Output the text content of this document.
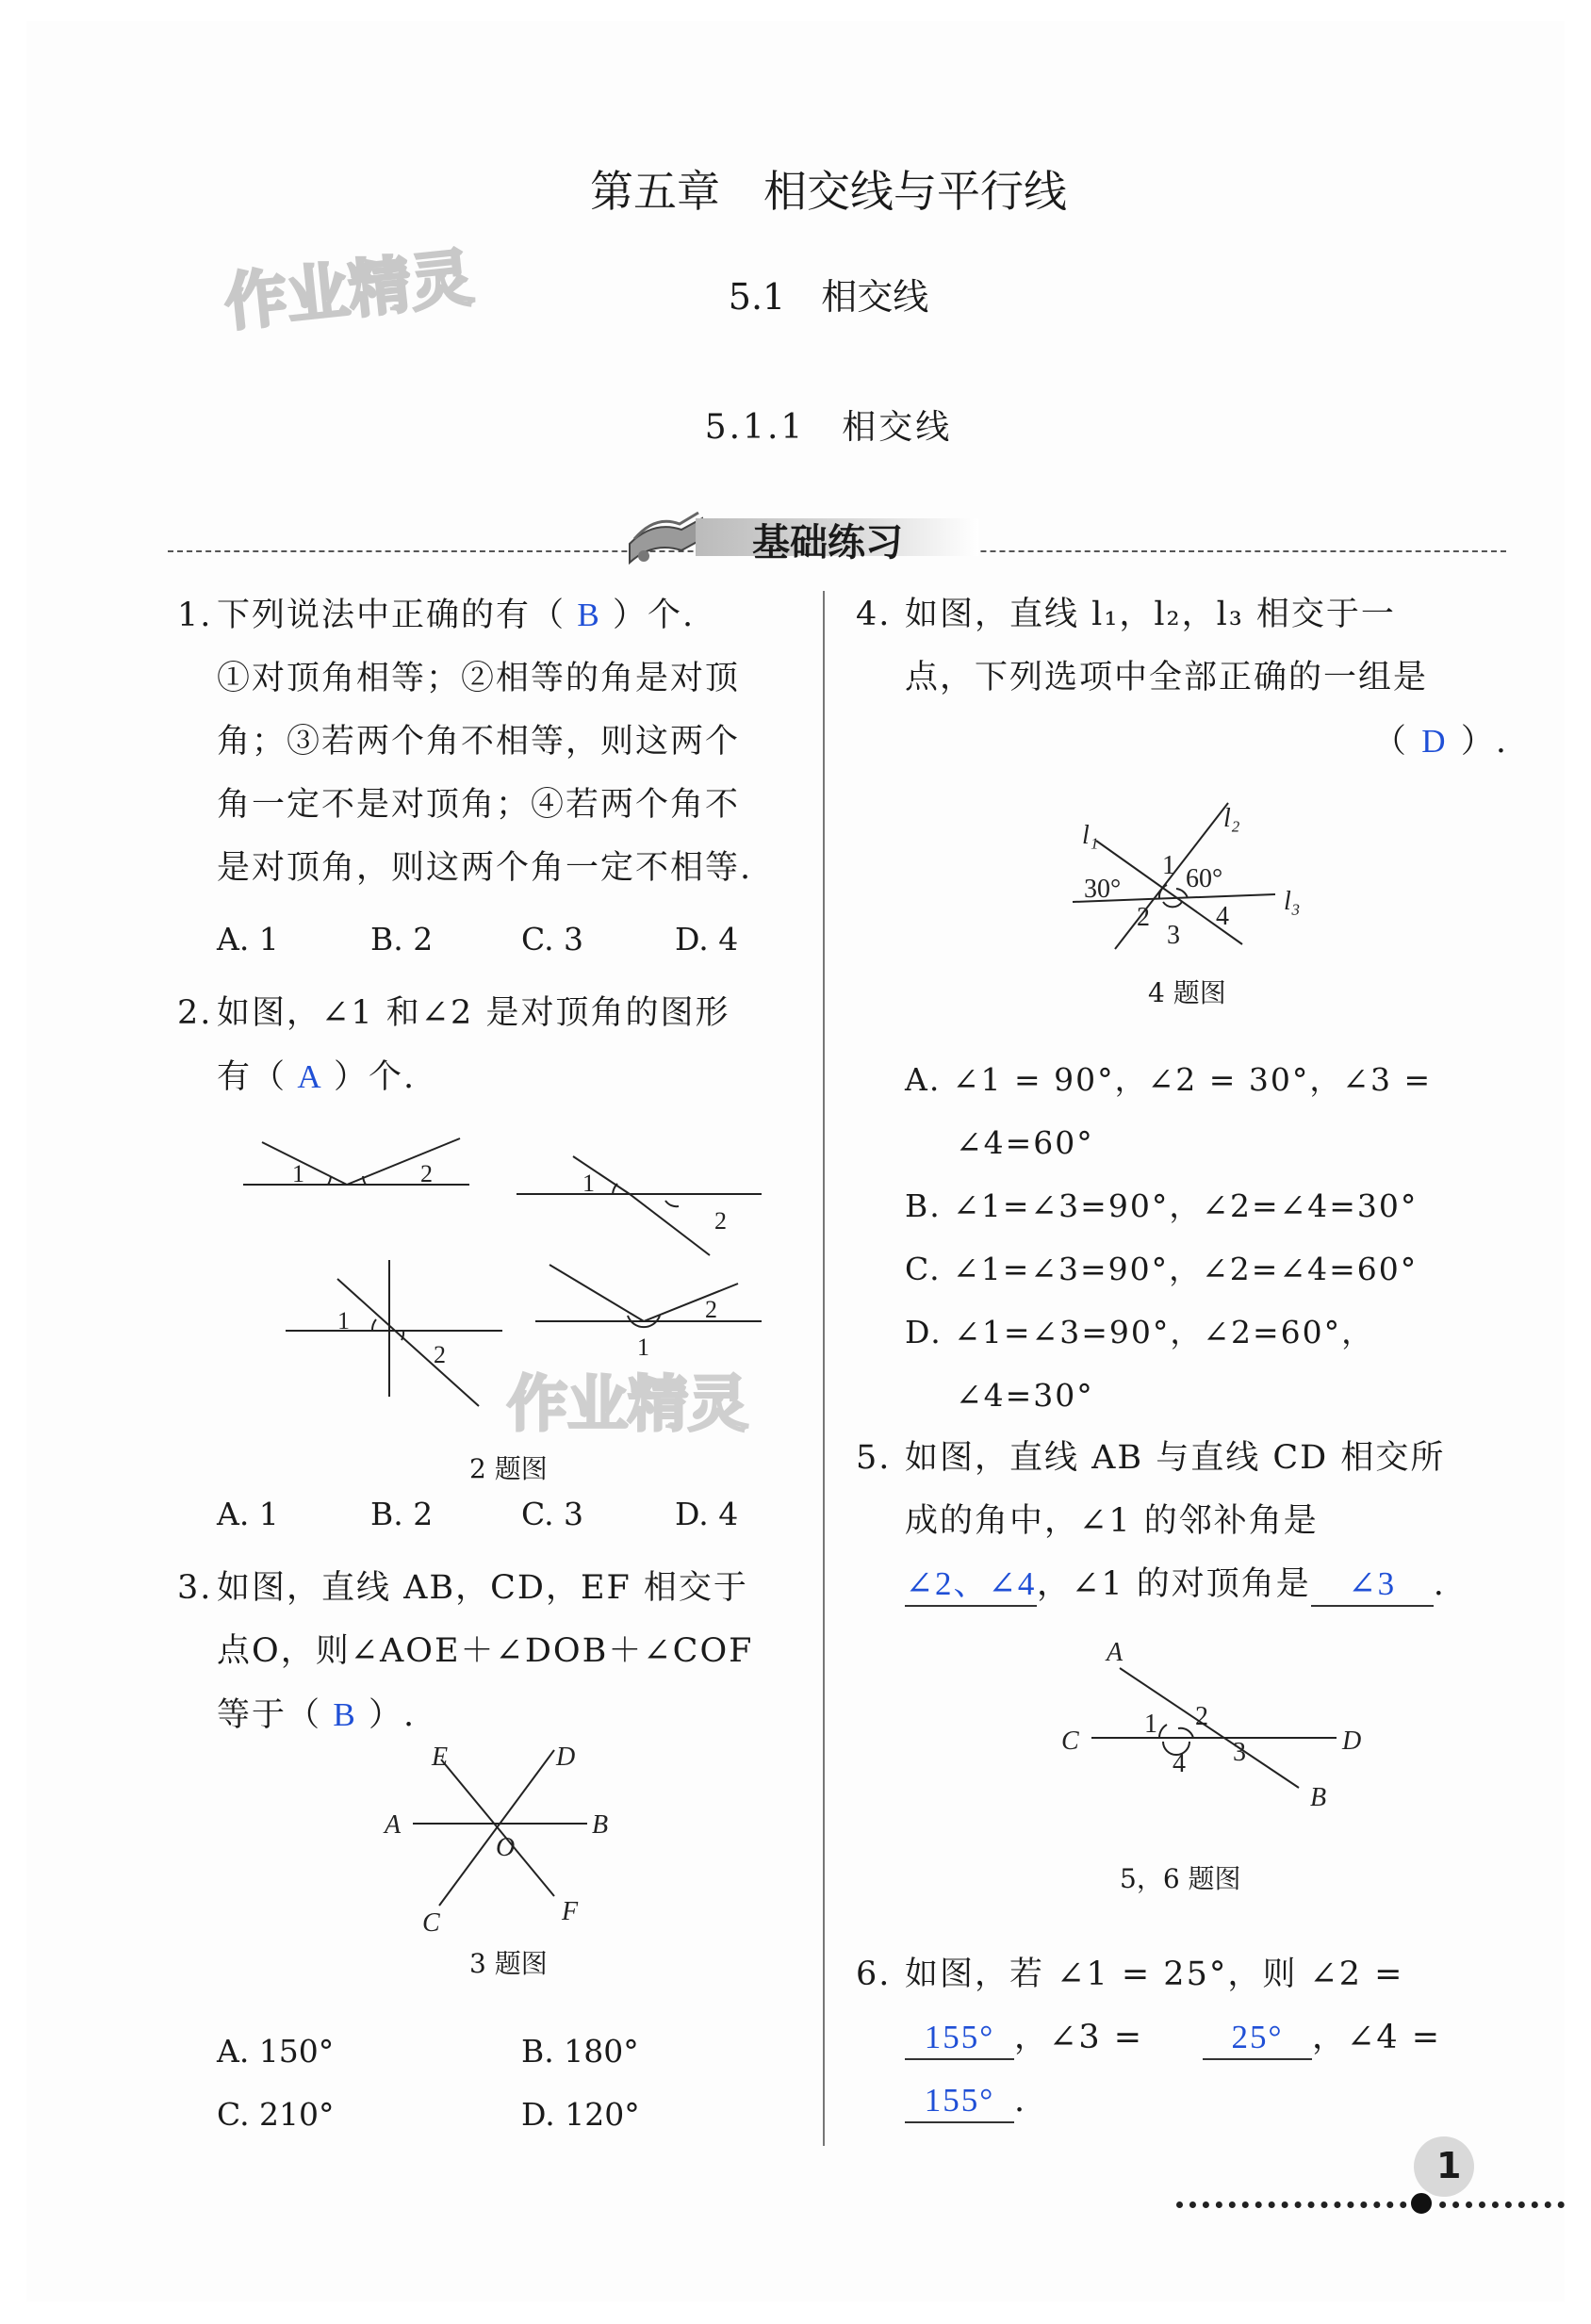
第五章　相交线与平行线
5.1　相交线
5.1.1　相交线
作业精灵
基础练习
1. 下列说法中正确的有（ B ）个.
①对顶角相等；②相等的角是对顶
角；③若两个角不相等，则这两个
角一定不是对顶角；④若两个角不
是对顶角，则这两个角一定不相等.
A. 1	B. 2	C. 3	D. 4
2. 如图，∠1 和∠2 是对顶角的图形
有（ A ）个.
1	2	1
2
1
2
2
1
作业精灵
2 题图
A. 1	B. 2	C. 3	D. 4
3. 如图，直线 AB，CD，EF 相交于
点O，则∠AOE＋∠DOB＋∠COF
等于（ B ）.
E	D
A	B
O
C	F
3 题图
A. 150°	B. 180°
C. 210°	D. 120°
4. 如图，直线 l₁，l₂，l₃ 相交于一
点，下列选项中全部正确的一组是
（ D ）.
l₁
l₂
l₃
30° 60°
1
2
3
4
4 题图
A. ∠1 = 90°，∠2 = 30°，∠3 =
∠4=60°
B. ∠1=∠3=90°，∠2=∠4=30°
C. ∠1=∠3=90°，∠2=∠4=60°
D. ∠1=∠3=90°，∠2=60°，
∠4=30°
5. 如图，直线 AB 与直线 CD 相交所
成的角中，∠1 的邻补角是
∠2、∠4，∠1 的对顶角是 ∠3 .
A
C	D
B
1 2
3
4
5，6 题图
6. 如图，若 ∠1 = 25°，则 ∠2 =
155° ，∠3 =	25° ，∠4 =
155° .
1
